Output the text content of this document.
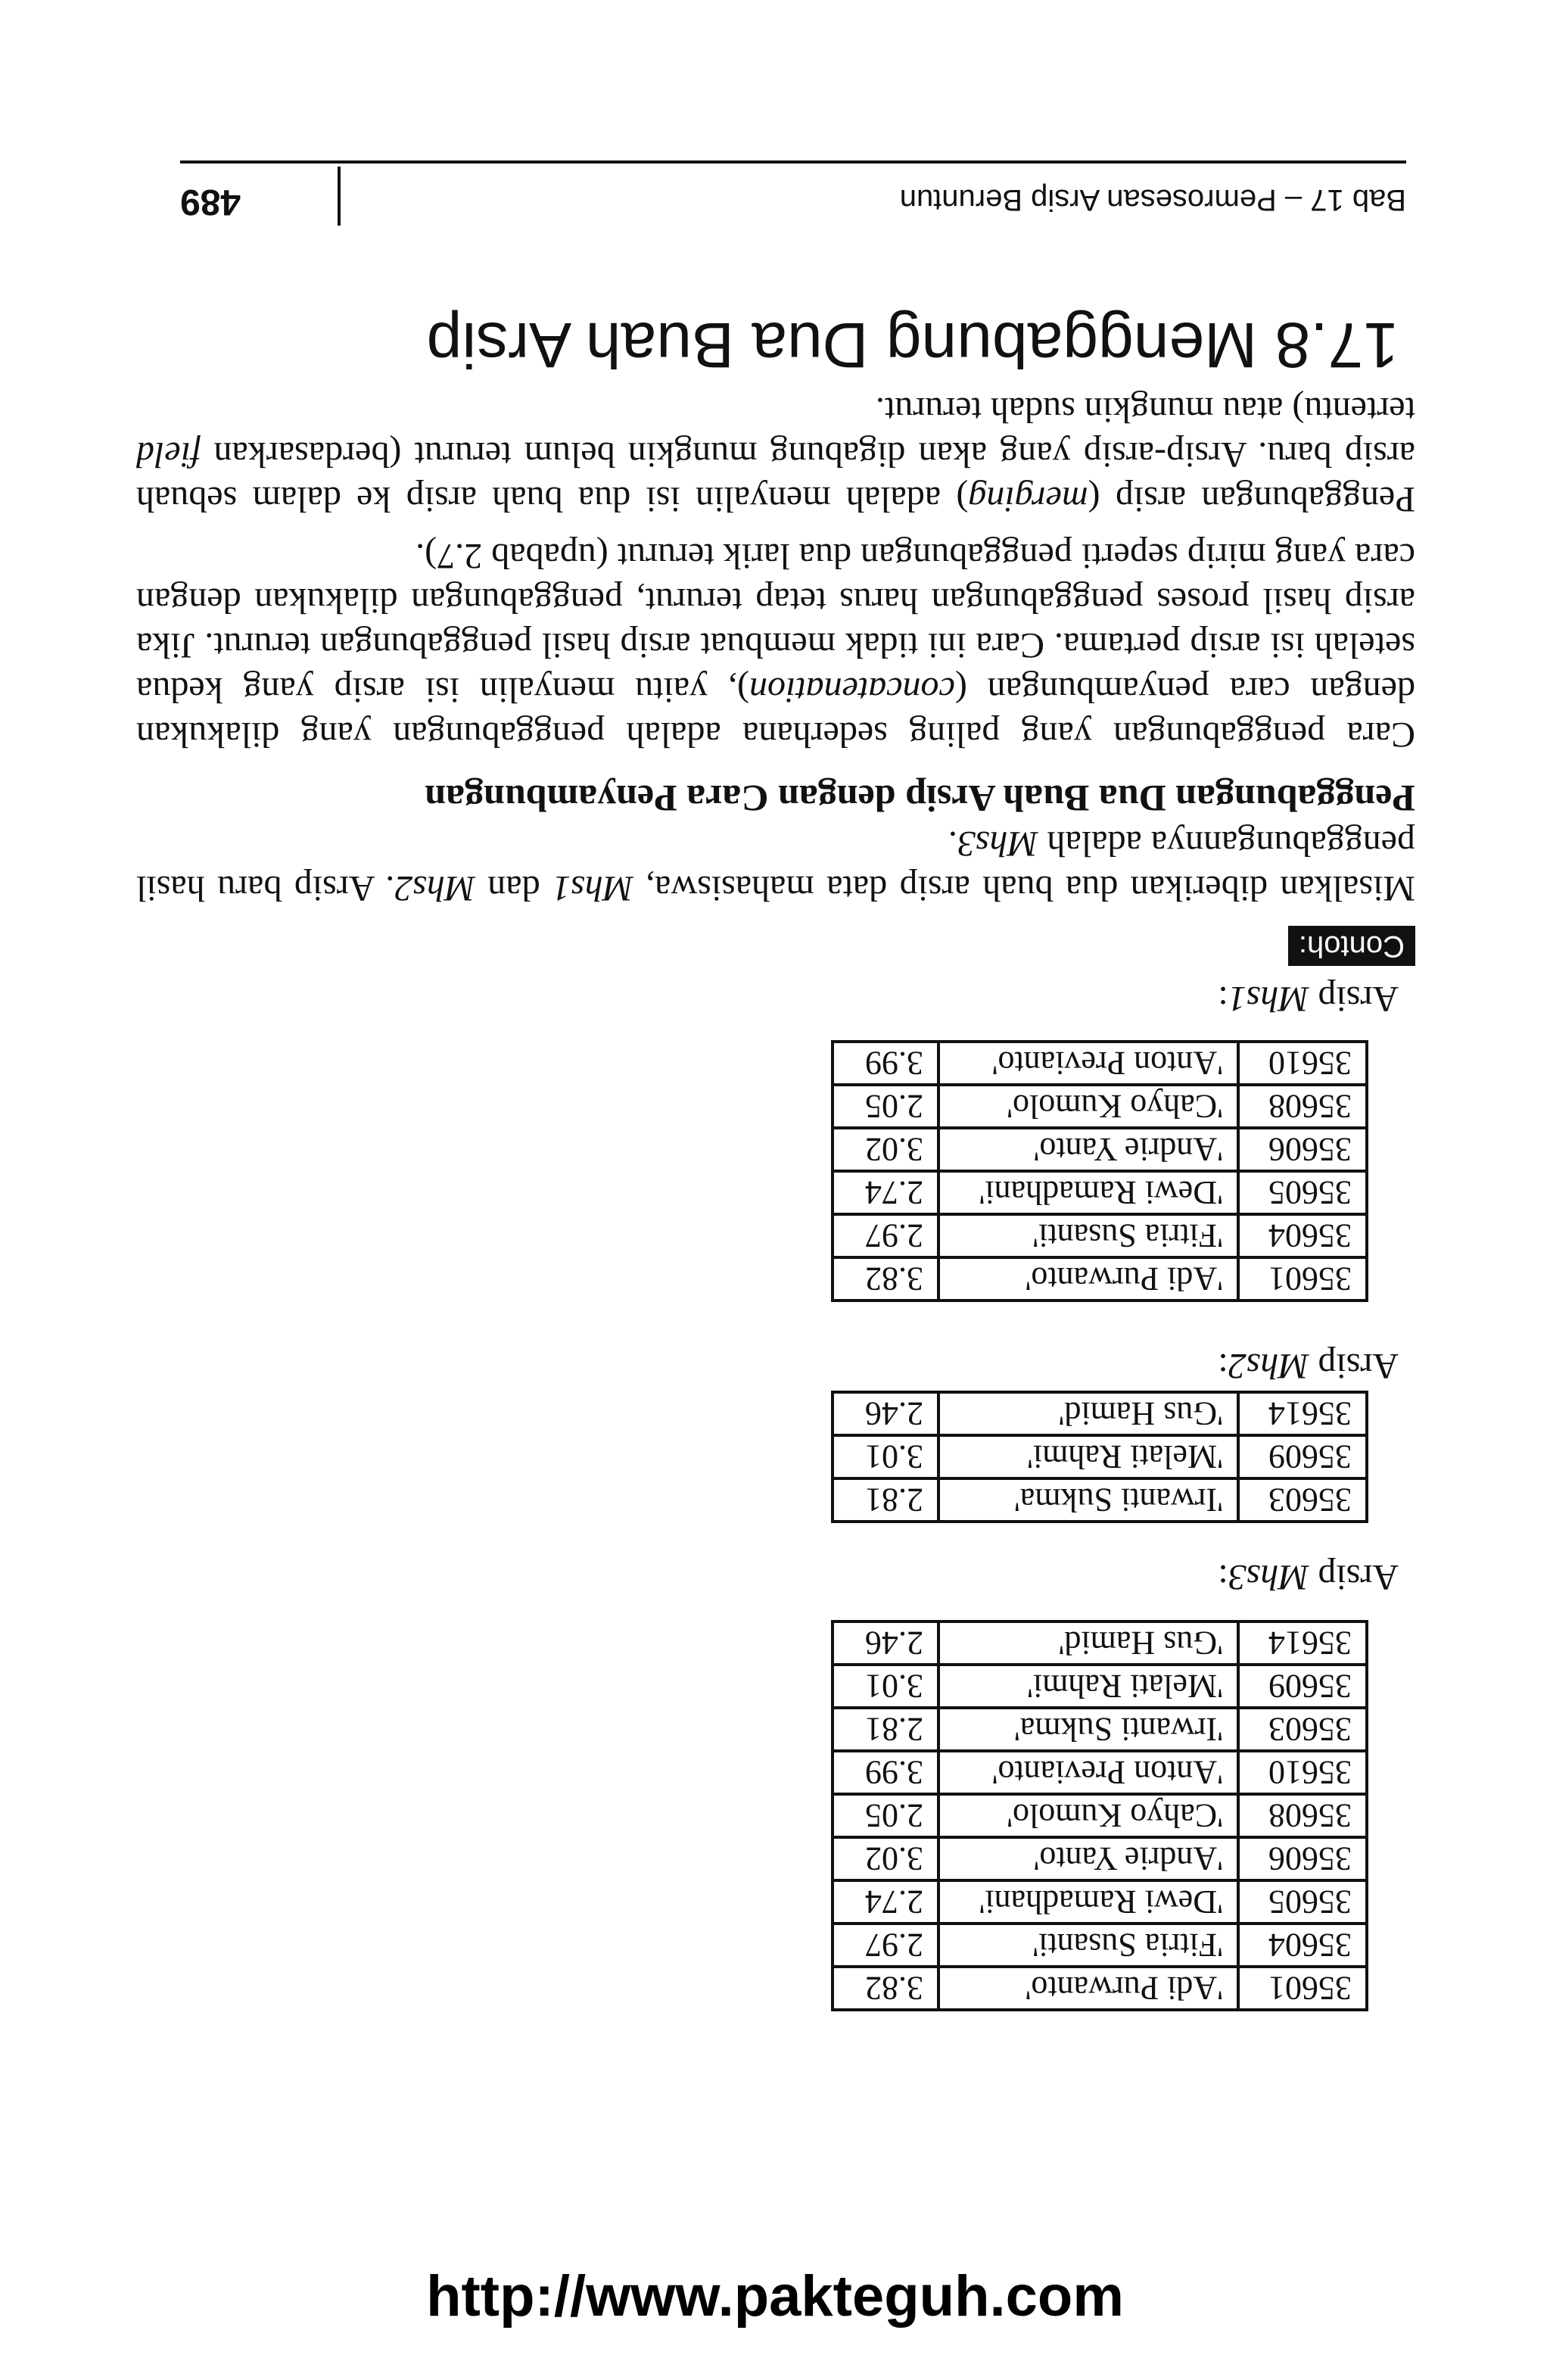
Bab 17 – Pemrosesan Arsip Beruntun
489
Arsip Mhs3:
35601	'Adi Purwanto'	3.82
35604	'Fitria Susanti'	2.97
35605	'Dewi Ramadhani'	2.74
35606	'Andrie Yanto'	3.02
35608	'Cahyo Kumolo'	2.05
35610	'Anton Previanto'	3.99
35603	'Irwanti Sukma'	2.81
35609	'Melati Rahmi'	3.01
35614	'Gus Hamid'	2.46
Arsip Mhs2:
35603	'Irwanti Sukma'	2.81
35609	'Melati Rahmi'	3.01
35614	'Gus Hamid'	2.46
Arsip Mhs1:
35601	'Adi Purwanto'	3.82
35604	'Fitria Susanti'	2.97
35605	'Dewi Ramadhani'	2.74
35606	'Andrie Yanto'	3.02
35608	'Cahyo Kumolo'	2.05
35610	'Anton Previanto'	3.99
Contoh:

Misalkan diberikan dua buah arsip data mahasiswa, Mhs1 dan Mhs2. Arsip baru hasil penggabungannya adalah Mhs3.

Penggabungan Dua Buah Arsip dengan Cara Penyambungan

Cara penggabungan yang paling sederhana adalah penggabungan yang dilakukan dengan cara penyambungan (concatenation), yaitu menyalin isi arsip yang kedua setelah isi arsip pertama. Cara ini tidak membuat arsip hasil penggabungan terurut. Jika arsip hasil proses penggabungan harus tetap terurut, penggabungan dilakukan dengan cara yang mirip seperti penggabungan dua larik terurut (upabab 2.7).

Penggabungan arsip (merging) adalah menyalin isi dua buah arsip ke dalam sebuah arsip baru. Arsip-arsip yang akan digabung mungkin belum terurut (berdasarkan field tertentu) atau mungkin sudah terurut.

17.8 Menggabung Dua Buah Arsip
http://www.pakteguh.com
